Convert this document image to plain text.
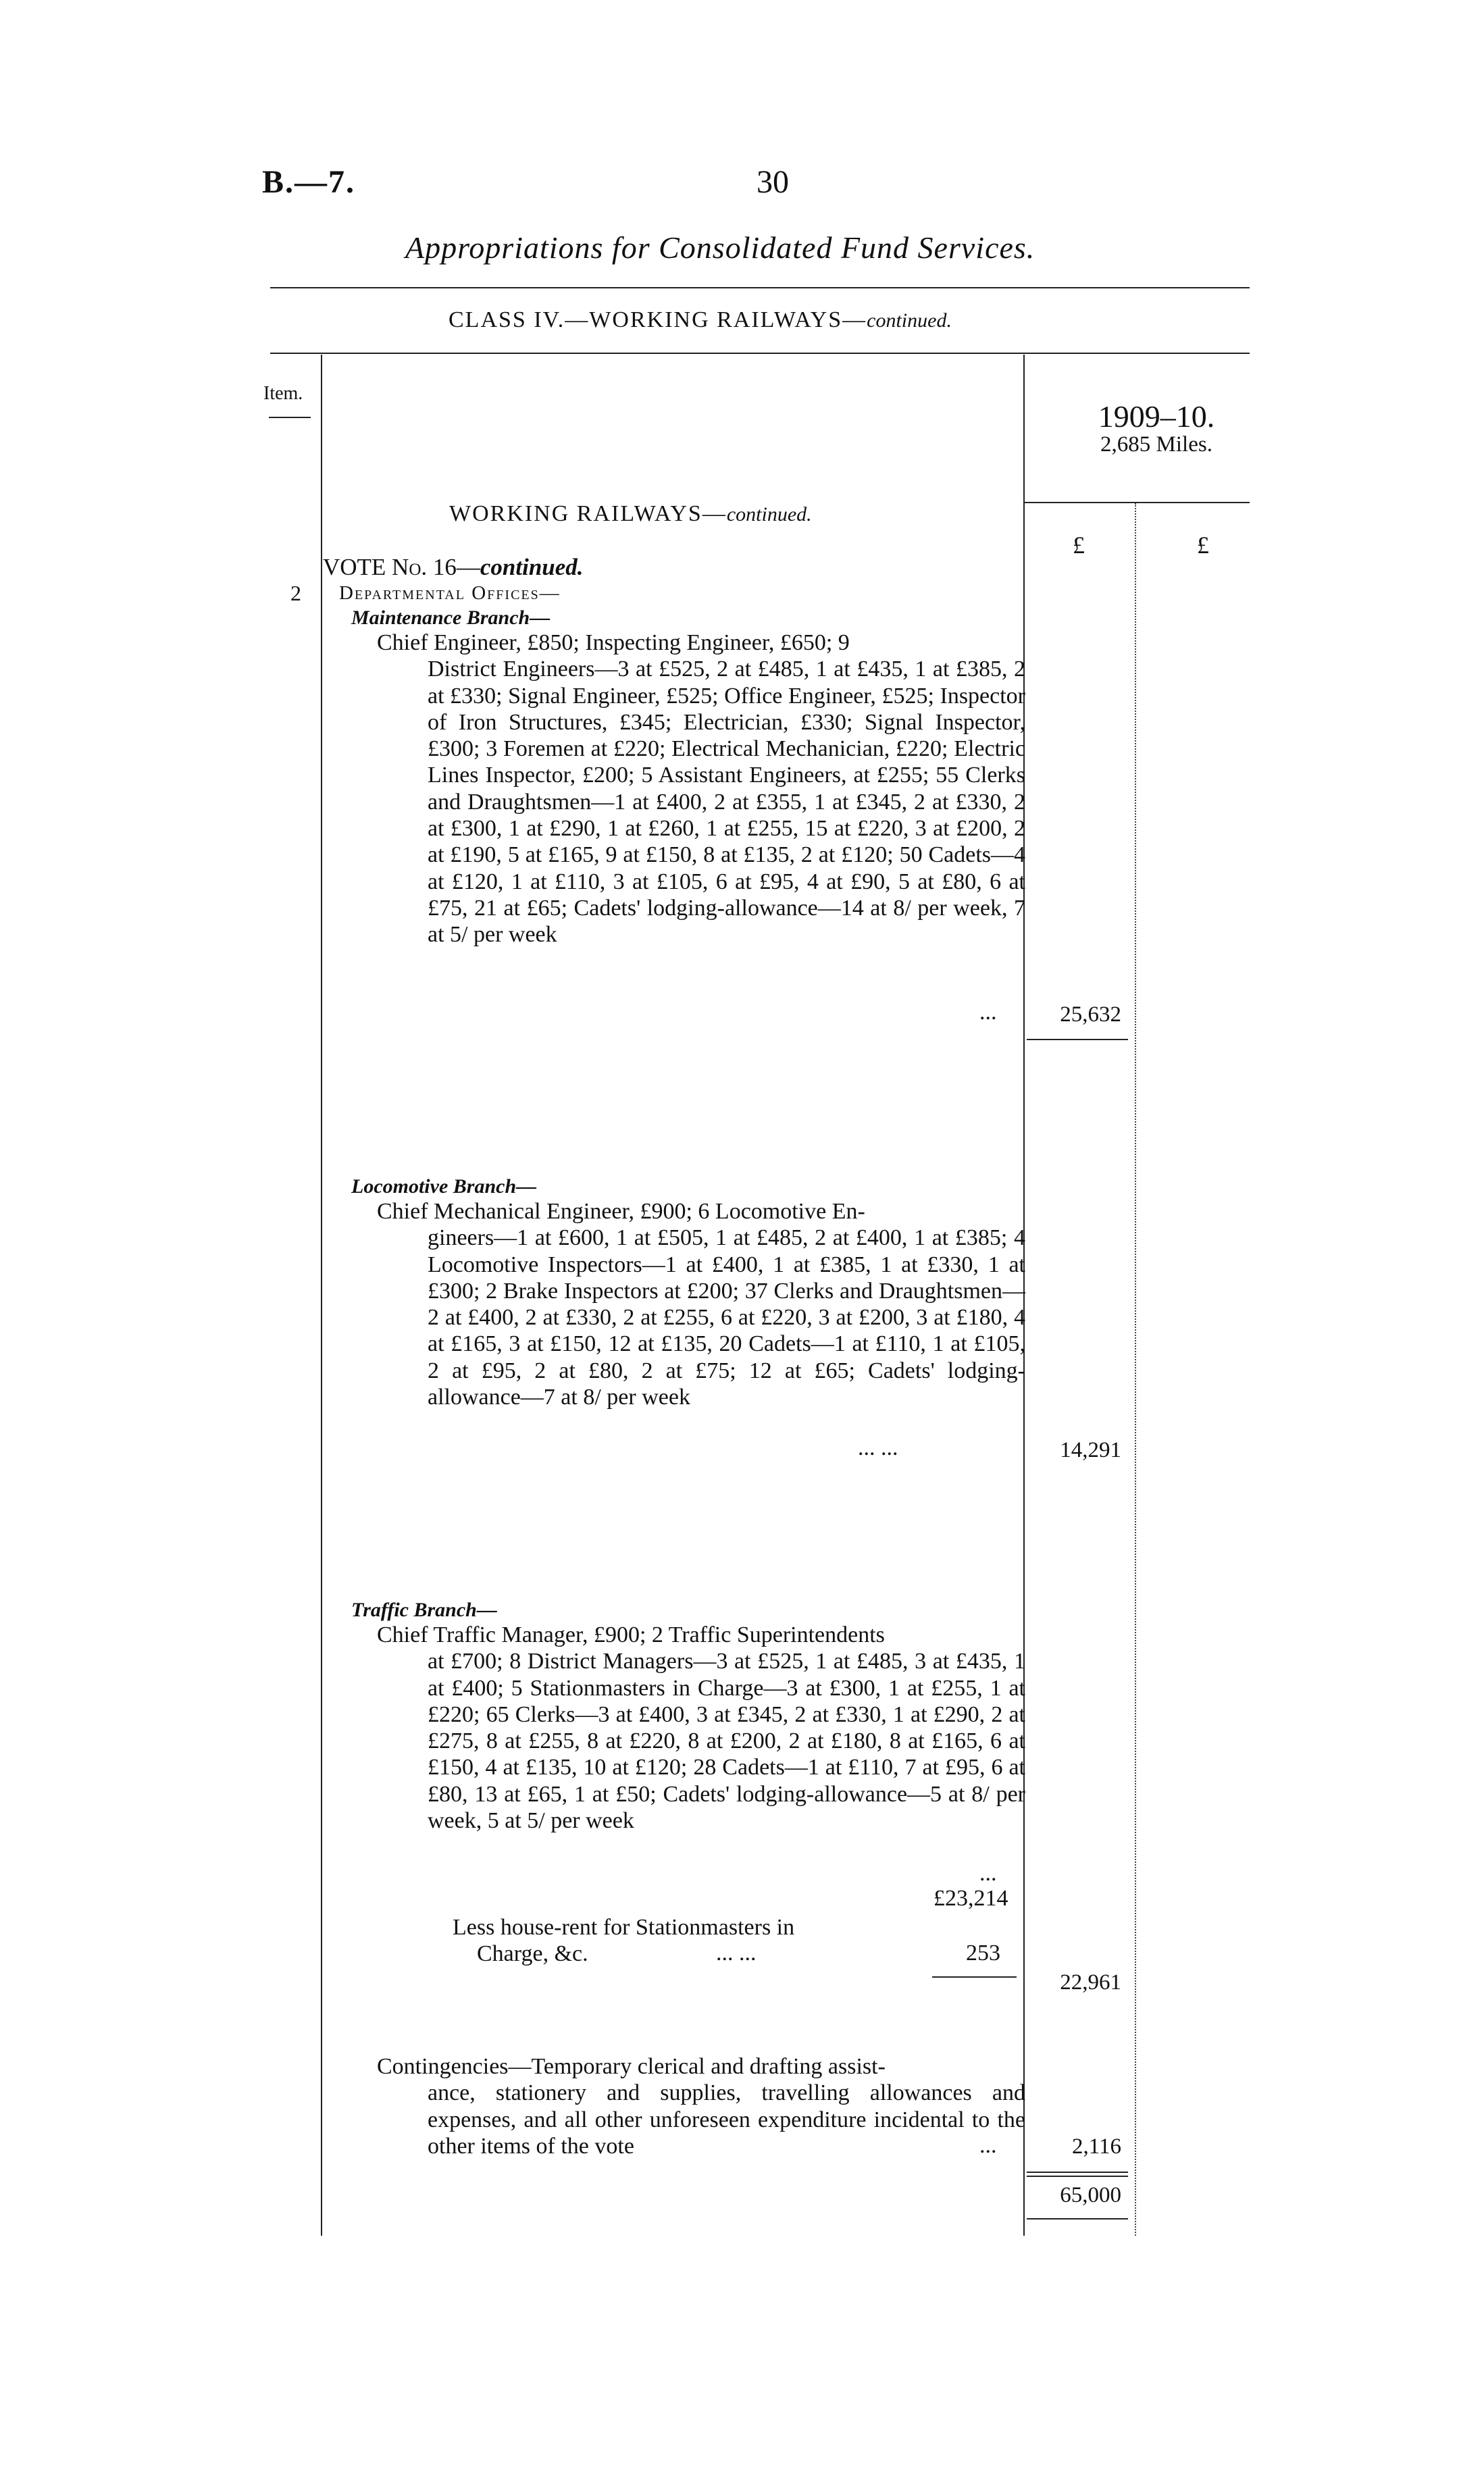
B.—7.	30
Appropriations for Consolidated Fund Services.
CLASS IV.—WORKING RAILWAYS—continued.
Item.
1909–10.
2,685 Miles.
£	£
WORKING RAILWAYS—continued.
VOTE No. 16—continued.
2 Departmental Offices—
Maintenance Branch—
Chief Engineer, £850; Inspecting Engineer, £650; 9
District Engineers—3 at £525, 2 at £485, 1 at £435, 1 at £385, 2 at £330; Signal Engineer, £525; Office Engineer, £525; Inspector of Iron Structures, £345; Electrician, £330; Signal Inspector, £300; 3 Foremen at £220; Electrical Mechanician, £220; Electric Lines Inspector, £200; 5 Assistant Engineers, at £255; 55 Clerks and Draughtsmen—1 at £400, 2 at £355, 1 at £345, 2 at £330, 2 at £300, 1 at £290, 1 at £260, 1 at £255, 15 at £220, 3 at £200, 2 at £190, 5 at £165, 9 at £150, 8 at £135, 2 at £120; 50 Cadets—4 at £120, 1 at £110, 3 at £105, 6 at £95, 4 at £90, 5 at £80, 6 at £75, 21 at £65; Cadets' lodging-allowance—14 at 8/ per week, 7 at 5/ per week
...	25,632
Locomotive Branch—
Chief Mechanical Engineer, £900; 6 Locomotive En-
gineers—1 at £600, 1 at £505, 1 at £485, 2 at £400, 1 at £385; 4 Locomotive Inspectors—1 at £400, 1 at £385, 1 at £330, 1 at £300; 2 Brake Inspectors at £200; 37 Clerks and Draughtsmen—2 at £400, 2 at £330, 2 at £255, 6 at £220, 3 at £200, 3 at £180, 4 at £165, 3 at £150, 12 at £135, 20 Cadets—1 at £110, 1 at £105, 2 at £95, 2 at £80, 2 at £75; 12 at £65; Cadets' lodging-allowance—7 at 8/ per week
... ...	14,291
Traffic Branch—
Chief Traffic Manager, £900; 2 Traffic Superintendents
at £700; 8 District Managers—3 at £525, 1 at £485, 3 at £435, 1 at £400; 5 Stationmasters in Charge—3 at £300, 1 at £255, 1 at £220; 65 Clerks—3 at £400, 3 at £345, 2 at £330, 1 at £290, 2 at £275, 8 at £255, 8 at £220, 8 at £200, 2 at £180, 8 at £165, 6 at £150, 4 at £135, 10 at £120; 28 Cadets—1 at £110, 7 at £95, 6 at £80, 13 at £65, 1 at £50; Cadets' lodging-allowance—5 at 8/ per week, 5 at 5/ per week
...
£23,214
Less house-rent for Stationmasters in
Charge, &c.	... ...	253
22,961
Contingencies—Temporary clerical and drafting assist-
ance, stationery and supplies, travelling allowances and expenses, and all other unforeseen expenditure incidental to the other items of the vote	...	2,116
65,000
